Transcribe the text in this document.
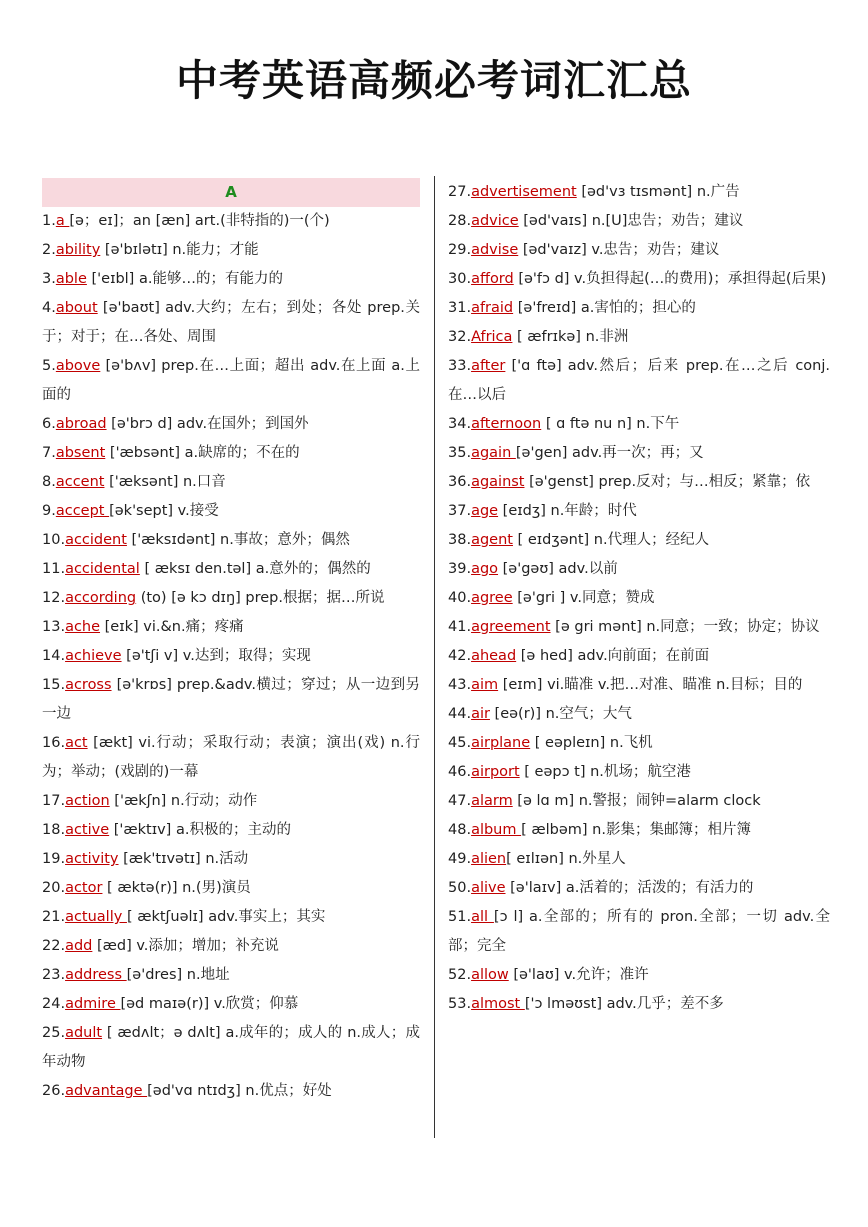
中考英语高频必考词汇汇总
A
1.a [ə；eɪ]；an [æn] art.(非特指的)一(个)
2.ability [ə'bɪlətɪ] n.能力；才能
3.able ['eɪbl] a.能够…的；有能力的
4.about [ə'baʊt] adv.大约；左右；到处；各处 prep.关于；对于；在…各处、周围
5.above [ə'bʌv] prep.在…上面；超出 adv.在上面 a.上面的
6.abroad [ə'brɔ d] adv.在国外；到国外
7.absent ['æbsənt] a.缺席的；不在的
8.accent ['æksənt] n.口音
9.accept [ək'sept] v.接受
10.accident ['æksɪdənt] n.事故；意外；偶然
11.accidental [ æksɪ den.təl] a.意外的；偶然的
12.according (to) [ə kɔ dɪŋ] prep.根据；据…所说
13.ache [eɪk] vi.&n.痛；疼痛
14.achieve [ə'tʃi v] v.达到；取得；实现
15.across [ə'krɒs] prep.&adv.横过；穿过；从一边到另一边
16.act [ækt] vi.行动；采取行动；表演；演出(戏) n.行为；举动；(戏剧的)一幕
17.action ['ækʃn] n.行动；动作
18.active ['æktɪv] a.积极的；主动的
19.activity [æk'tɪvətɪ] n.活动
20.actor [ æktə(r)] n.(男)演员
21.actually [ æktʃuəlɪ] adv.事实上；其实
22.add [æd] v.添加；增加；补充说
23.address [ə'dres] n.地址
24.admire [əd maɪə(r)] v.欣赏；仰慕
25.adult [ ædʌlt；ə dʌlt] a.成年的；成人的 n.成人；成年动物
26.advantage [əd'vɑ ntɪdʒ] n.优点；好处
27.advertisement [əd'vɜ tɪsmənt] n.广告
28.advice [əd'vaɪs] n.[U]忠告；劝告；建议
29.advise [əd'vaɪz] v.忠告；劝告；建议
30.afford [ə'fɔ d] v.负担得起(…的费用)；承担得起(后果)
31.afraid [ə'freɪd] a.害怕的；担心的
32.Africa [ æfrɪkə] n.非洲
33.after ['ɑ ftə] adv.然后；后来 prep.在…之后 conj.在…以后
34.afternoon [ ɑ ftə nu n] n.下午
35.again [ə'gen] adv.再一次；再；又
36.against [ə'genst] prep.反对；与…相反；紧靠；依
37.age [eɪdʒ] n.年龄；时代
38.agent [ eɪdʒənt] n.代理人；经纪人
39.ago [ə'gəʊ] adv.以前
40.agree [ə'gri ] v.同意；赞成
41.agreement [ə gri mənt] n.同意；一致；协定；协议
42.ahead [ə hed] adv.向前面；在前面
43.aim [eɪm] vi.瞄准 v.把…对准、瞄准 n.目标；目的
44.air [eə(r)] n.空气；大气
45.airplane [ eəpleɪn] n.飞机
46.airport [ eəpɔ t] n.机场；航空港
47.alarm [ə lɑ m] n.警报；闹钟=alarm clock
48.album [ ælbəm] n.影集；集邮簿；相片簿
49.alien[ eɪlɪən] n.外星人
50.alive [ə'laɪv] a.活着的；活泼的；有活力的
51.all [ɔ l] a.全部的；所有的 pron.全部；一切 adv.全部；完全
52.allow [ə'laʊ] v.允许；准许
53.almost ['ɔ lməʊst] adv.几乎；差不多
